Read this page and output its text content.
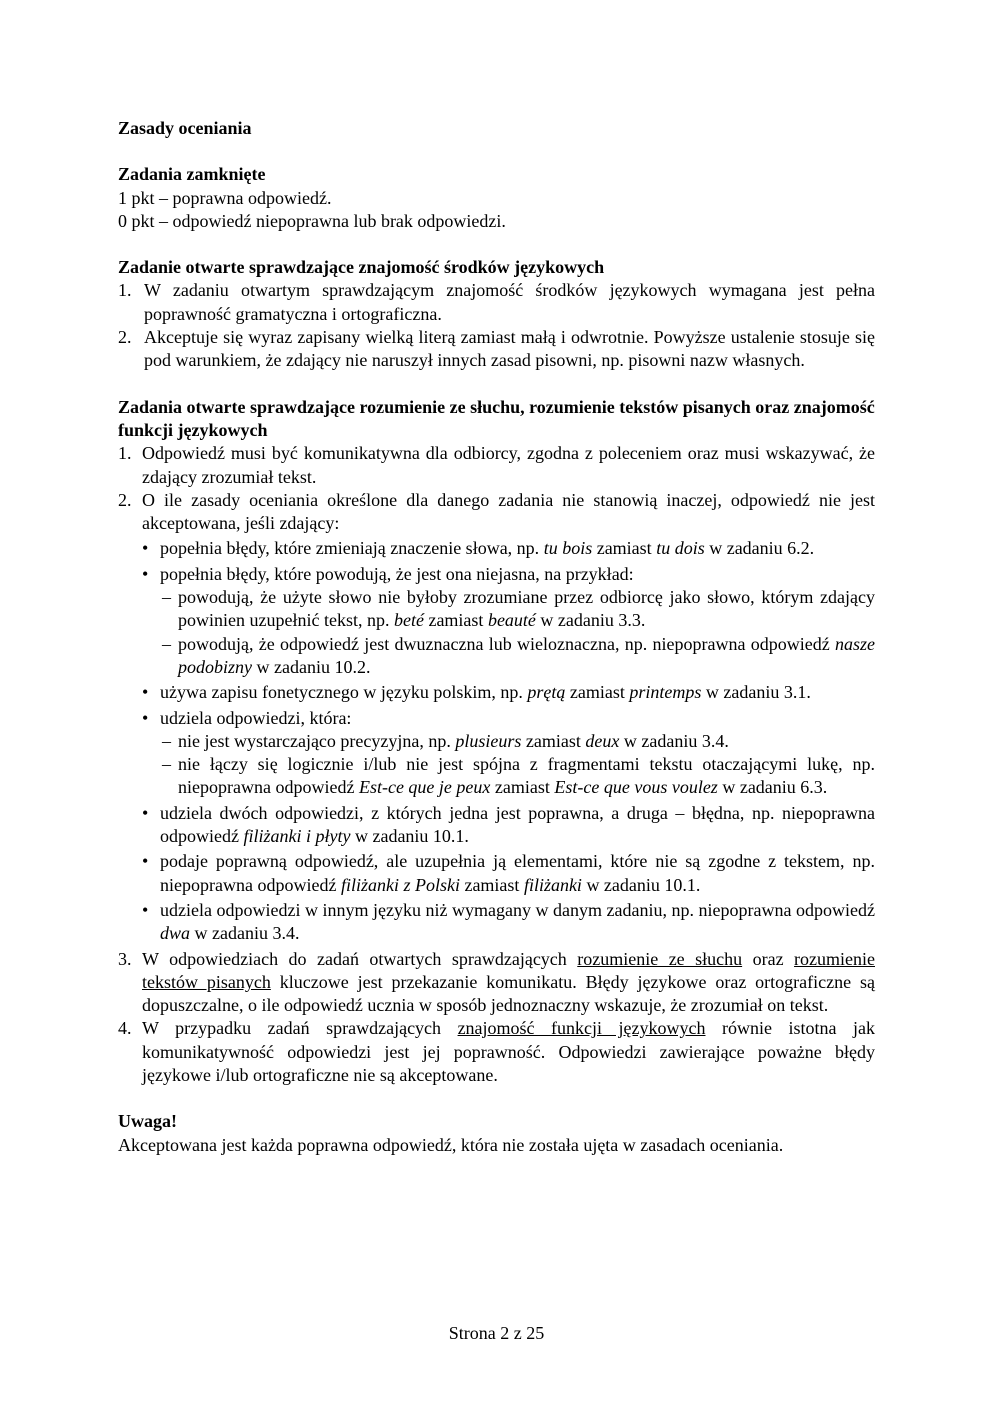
Zasady oceniania

Zadania zamknięte

1 pkt – poprawna odpowiedź.

0 pkt – odpowiedź niepoprawna lub brak odpowiedzi.

Zadanie otwarte sprawdzające znajomość środków językowych

1. W zadaniu otwartym sprawdzającym znajomość środków językowych wymagana jest pełna poprawność gramatyczna i ortograficzna.
2. Akceptuje się wyraz zapisany wielką literą zamiast małą i odwrotnie. Powyższe ustalenie stosuje się pod warunkiem, że zdający nie naruszył innych zasad pisowni, np. pisowni nazw własnych.

Zadania otwarte sprawdzające rozumienie ze słuchu, rozumienie tekstów pisanych oraz znajomość funkcji językowych

1. Odpowiedź musi być komunikatywna dla odbiorcy, zgodna z poleceniem oraz musi wskazywać, że zdający zrozumiał tekst.
2. O ile zasady oceniania określone dla danego zadania nie stanowią inaczej, odpowiedź nie jest akceptowana, jeśli zdający:
• popełnia błędy, które zmieniają znaczenie słowa, np. tu bois zamiast tu dois w zadaniu 6.2.
• popełnia błędy, które powodują, że jest ona niejasna, na przykład:
– powodują, że użyte słowo nie byłoby zrozumiane przez odbiorcę jako słowo, którym zdający powinien uzupełnić tekst, np. beté zamiast beauté w zadaniu 3.3.
– powodują, że odpowiedź jest dwuznaczna lub wieloznaczna, np. niepoprawna odpowiedź nasze podobizny w zadaniu 10.2.
• używa zapisu fonetycznego w języku polskim, np. prętą zamiast printemps w zadaniu 3.1.
• udziela odpowiedzi, która:
– nie jest wystarczająco precyzyjna, np. plusieurs zamiast deux w zadaniu 3.4.
– nie łączy się logicznie i/lub nie jest spójna z fragmentami tekstu otaczającymi lukę, np. niepoprawna odpowiedź Est-ce que je peux zamiast Est-ce que vous voulez w zadaniu 6.3.
• udziela dwóch odpowiedzi, z których jedna jest poprawna, a druga – błędna, np. niepoprawna odpowiedź filiżanki i płyty w zadaniu 10.1.
• podaje poprawną odpowiedź, ale uzupełnia ją elementami, które nie są zgodne z tekstem, np. niepoprawna odpowiedź filiżanki z Polski zamiast filiżanki w zadaniu 10.1.
• udziela odpowiedzi w innym języku niż wymagany w danym zadaniu, np. niepoprawna odpowiedź dwa w zadaniu 3.4.
3. W odpowiedziach do zadań otwartych sprawdzających rozumienie ze słuchu oraz rozumienie tekstów pisanych kluczowe jest przekazanie komunikatu. Błędy językowe oraz ortograficzne są dopuszczalne, o ile odpowiedź ucznia w sposób jednoznaczny wskazuje, że zrozumiał on tekst.
4. W przypadku zadań sprawdzających znajomość funkcji językowych równie istotna jak komunikatywność odpowiedzi jest jej poprawność. Odpowiedzi zawierające poważne błędy językowe i/lub ortograficzne nie są akceptowane.

Uwaga!

Akceptowana jest każda poprawna odpowiedź, która nie została ujęta w zasadach oceniania.

Strona 2 z 25
